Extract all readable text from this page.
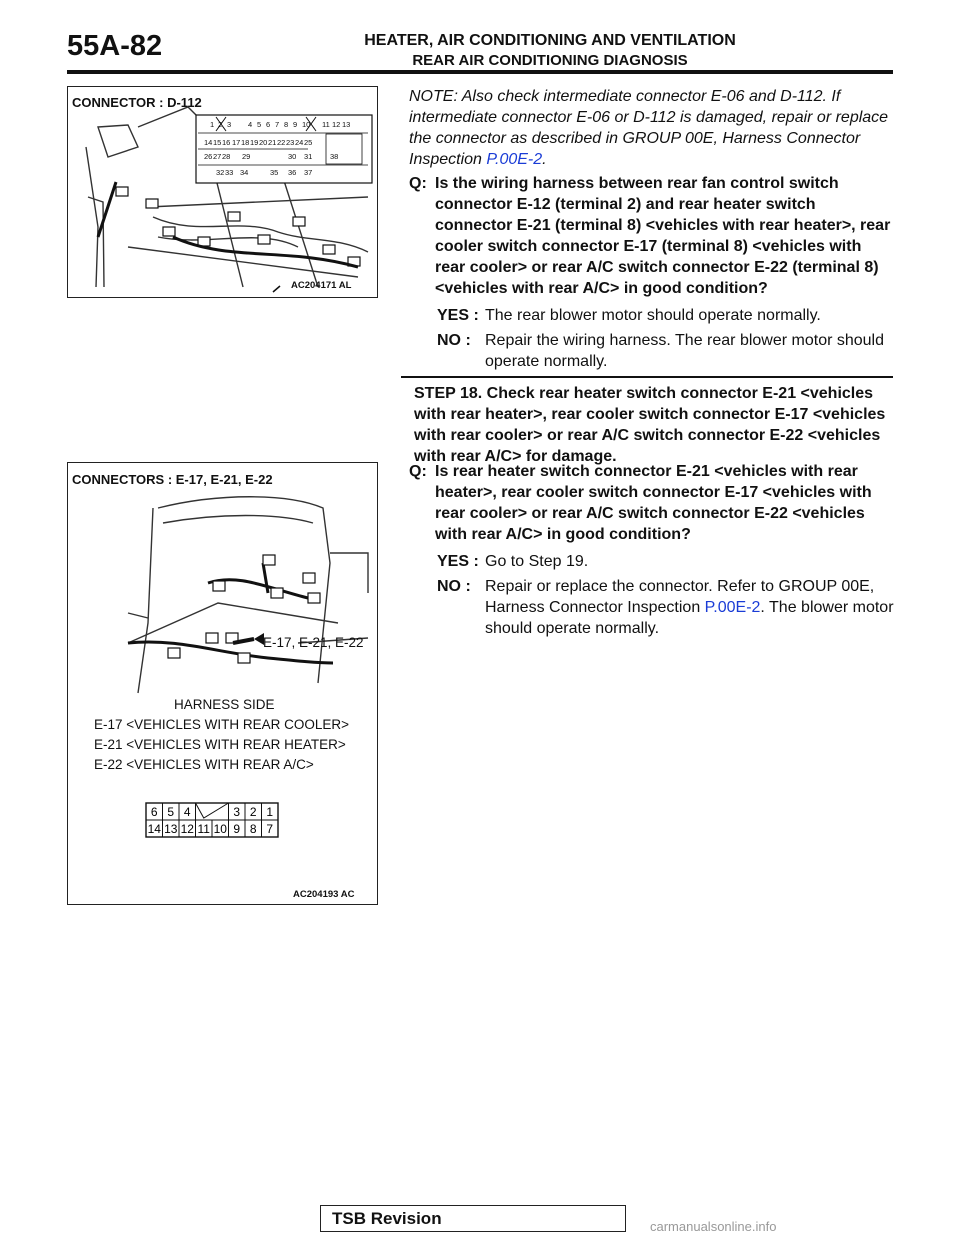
55A-82	HEATER, AIR CONDITIONING AND VENTILATION
REAR AIR CONDITIONING DIAGNOSIS
1 2 3 4 5 6 7 8 9 10 11 12 13
14 15 16 17 18 19 20 21 22 23 24 25
26 27 28 29	30 31 38
32 33 34	35 36 37
CONNECTOR : D-112
AC204171 AL
6 5 4	3 2 1
14 13 12 11 10 9 8 7
CONNECTORS : E-17, E-21, E-22
E-17, E-21, E-22
HARNESS SIDE
E-17 <VEHICLES WITH REAR COOLER>
E-21 <VEHICLES WITH REAR HEATER>
E-22 <VEHICLES WITH REAR A/C>
AC204193 AC
NOTE: Also check intermediate connector E-06 and D-112. If intermediate connector E-06 or D-112 is damaged, repair or replace the connector as described in GROUP 00E, Harness Connector Inspection P.00E-2.
Q: Is the wiring harness between rear fan control switch connector E-12 (terminal 2) and rear heater switch connector E-21 (terminal 8) <vehicles with rear heater>, rear cooler switch connector E-17 (terminal 8) <vehicles with rear cooler> or rear A/C switch connector E-22 (terminal 8) <vehicles with rear A/C> in good condition?
YES : The rear blower motor should operate normally.
NO : Repair the wiring harness. The rear blower motor should operate normally.
STEP 18. Check rear heater switch connector E-21 <vehicles with rear heater>, rear cooler switch connector E-17 <vehicles with rear cooler> or rear A/C switch connector E-22 <vehicles with rear A/C> for damage.
Q: Is rear heater switch connector E-21 <vehicles with rear heater>, rear cooler switch connector E-17 <vehicles with rear cooler> or rear A/C switch connector E-22 <vehicles with rear A/C> in good condition?
YES : Go to Step 19.
NO : Repair or replace the connector. Refer to GROUP 00E, Harness Connector Inspection P.00E-2. The blower motor should operate normally.
TSB Revision	carmanualsonline.info
